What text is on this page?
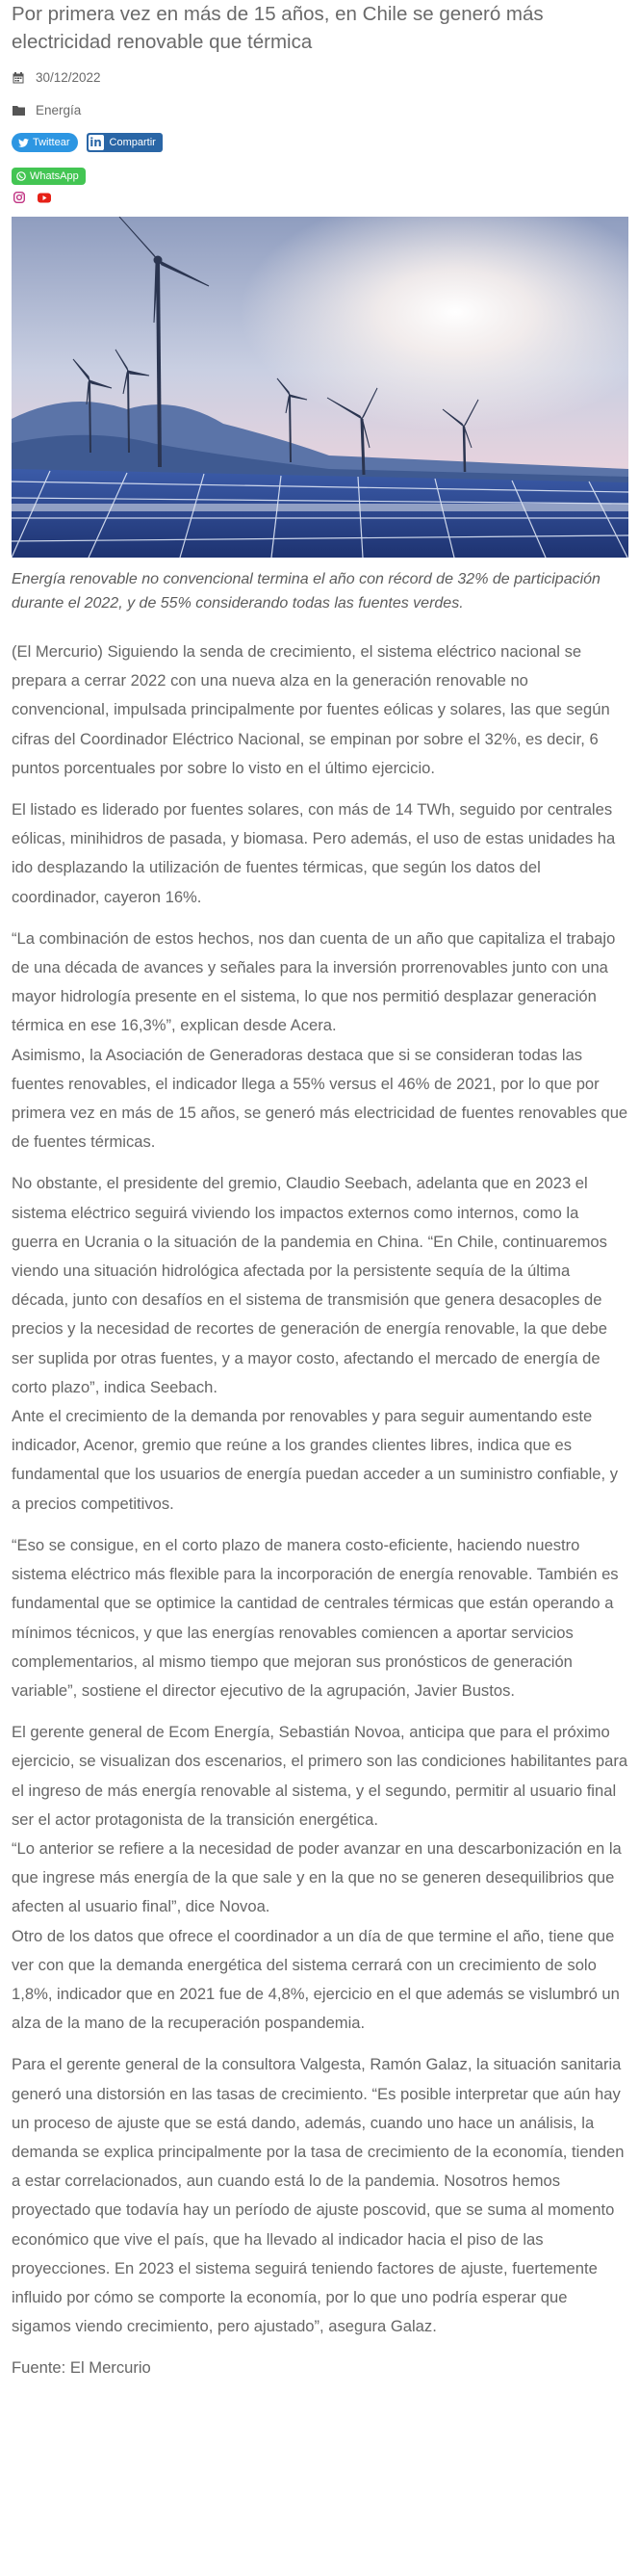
Por primera vez en más de 15 años, en Chile se generó más electricidad renovable que térmica
30/12/2022
Energía
Twittear in Compartir
WhatsApp

Energía renovable no convencional termina el año con récord de 32% de participación durante el 2022, y de 55% considerando todas las fuentes verdes.

(El Mercurio) Siguiendo la senda de crecimiento, el sistema eléctrico nacional se prepara a cerrar 2022 con una nueva alza en la generación renovable no convencional, impulsada principalmente por fuentes eólicas y solares, las que según cifras del Coordinador Eléctrico Nacional, se empinan por sobre el 32%, es decir, 6 puntos porcentuales por sobre lo visto en el último ejercicio.

El listado es liderado por fuentes solares, con más de 14 TWh, seguido por centrales eólicas, minihidros de pasada, y biomasa. Pero además, el uso de estas unidades ha ido desplazando la utilización de fuentes térmicas, que según los datos del coordinador, cayeron 16%.

“La combinación de estos hechos, nos dan cuenta de un año que capitaliza el trabajo de una década de avances y señales para la inversión prorrenovables junto con una mayor hidrología presente en el sistema, lo que nos permitió desplazar generación térmica en ese 16,3%”, explican desde Acera.

Asimismo, la Asociación de Generadoras destaca que si se consideran todas las fuentes renovables, el indicador llega a 55% versus el 46% de 2021, por lo que por primera vez en más de 15 años, se generó más electricidad de fuentes renovables que de fuentes térmicas.

No obstante, el presidente del gremio, Claudio Seebach, adelanta que en 2023 el sistema eléctrico seguirá viviendo los impactos externos como internos, como la guerra en Ucrania o la situación de la pandemia en China. “En Chile, continuaremos viendo una situación hidrológica afectada por la persistente sequía de la última década, junto con desafíos en el sistema de transmisión que genera desacoples de precios y la necesidad de recortes de generación de energía renovable, la que debe ser suplida por otras fuentes, y a mayor costo, afectando el mercado de energía de corto plazo”, indica Seebach.

Ante el crecimiento de la demanda por renovables y para seguir aumentando este indicador, Acenor, gremio que reúne a los grandes clientes libres, indica que es fundamental que los usuarios de energía puedan acceder a un suministro confiable, y a precios competitivos.

“Eso se consigue, en el corto plazo de manera costo-eficiente, haciendo nuestro sistema eléctrico más flexible para la incorporación de energía renovable. También es fundamental que se optimice la cantidad de centrales térmicas que están operando a mínimos técnicos, y que las energías renovables comiencen a aportar servicios complementarios, al mismo tiempo que mejoran sus pronósticos de generación variable”, sostiene el director ejecutivo de la agrupación, Javier Bustos.

El gerente general de Ecom Energía, Sebastián Novoa, anticipa que para el próximo ejercicio, se visualizan dos escenarios, el primero son las condiciones habilitantes para el ingreso de más energía renovable al sistema, y el segundo, permitir al usuario final ser el actor protagonista de la transición energética.

“Lo anterior se refiere a la necesidad de poder avanzar en una descarbonización en la que ingrese más energía de la que sale y en la que no se generen desequilibrios que afecten al usuario final”, dice Novoa.

Otro de los datos que ofrece el coordinador a un día de que termine el año, tiene que ver con que la demanda energética del sistema cerrará con un crecimiento de solo 1,8%, indicador que en 2021 fue de 4,8%, ejercicio en el que además se vislumbró un alza de la mano de la recuperación pospandemia.

Para el gerente general de la consultora Valgesta, Ramón Galaz, la situación sanitaria generó una distorsión en las tasas de crecimiento. “Es posible interpretar que aún hay un proceso de ajuste que se está dando, además, cuando uno hace un análisis, la demanda se explica principalmente por la tasa de crecimiento de la economía, tienden a estar correlacionados, aun cuando está lo de la pandemia. Nosotros hemos proyectado que todavía hay un período de ajuste poscovid, que se suma al momento económico que vive el país, que ha llevado al indicador hacia el piso de las proyecciones. En 2023 el sistema seguirá teniendo factores de ajuste, fuertemente influido por cómo se comporte la economía, por lo que uno podría esperar que sigamos viendo crecimiento, pero ajustado”, asegura Galaz.

Fuente: El Mercurio
